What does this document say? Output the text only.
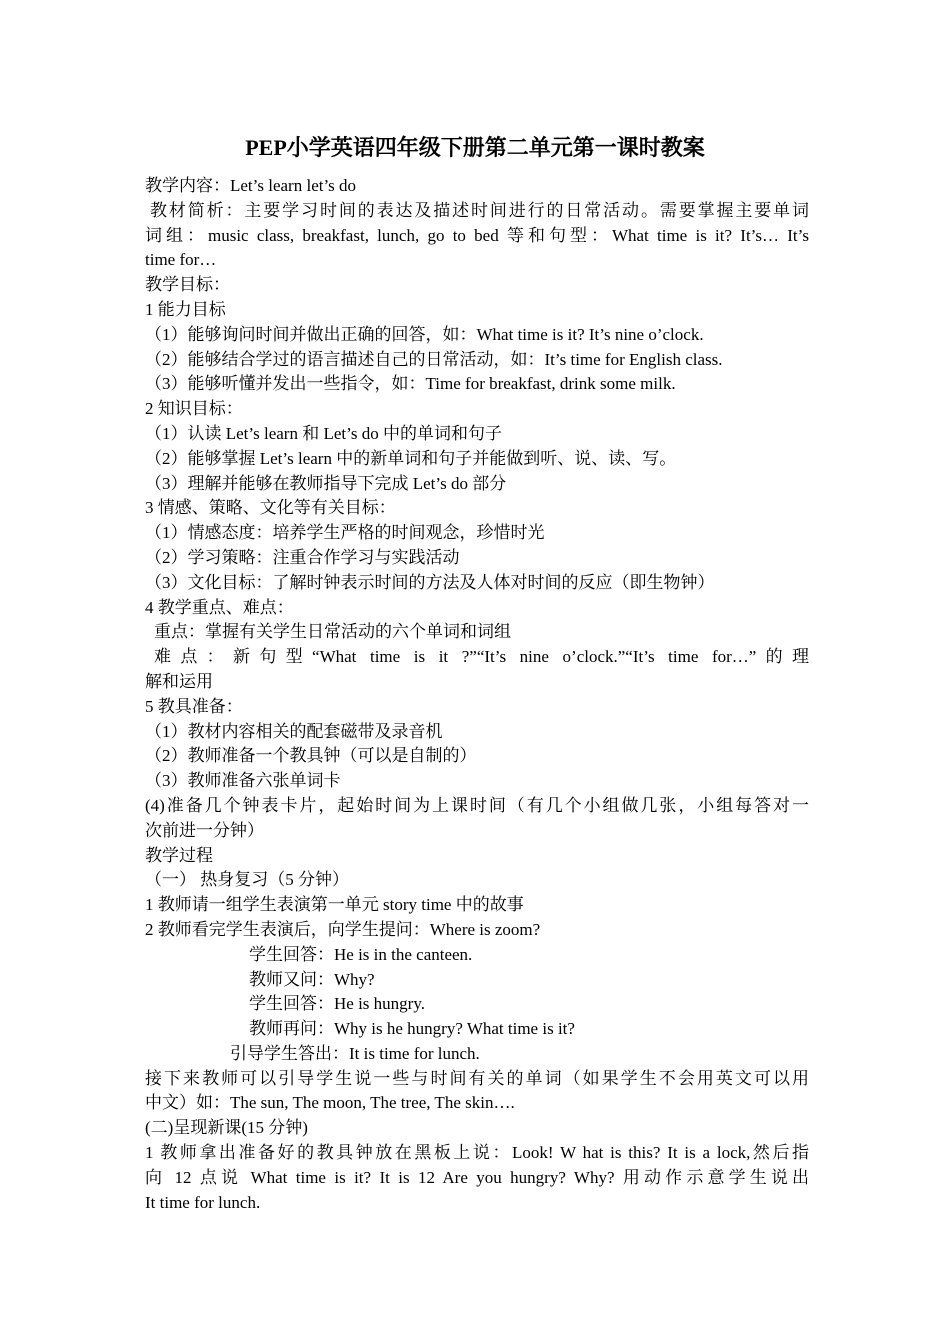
PEP小学英语四年级下册第二单元第一课时教案
教学内容：Let’s learn let’s do
教材简析：主要学习时间的表达及描述时间进行的日常活动。需要掌握主要单词
词组：music class, breakfast, lunch, go to bed 等和句型：What time is it? It’s… It’s
time for…
教学目标：
1 能力目标
（1）能够询问时间并做出正确的回答，如：What time is it? It’s nine o’clock.
（2）能够结合学过的语言描述自己的日常活动，如：It’s time for English class.
（3）能够听懂并发出一些指令，如：Time for breakfast, drink some milk.
2 知识目标：
（1）认读 Let’s learn 和 Let’s do 中的单词和句子
（2）能够掌握 Let’s learn 中的新单词和句子并能做到听、说、读、写。
（3）理解并能够在教师指导下完成 Let’s do 部分
3 情感、策略、文化等有关目标：
（1）情感态度：培养学生严格的时间观念，珍惜时光
（2）学习策略：注重合作学习与实践活动
（3）文化目标：了解时钟表示时间的方法及人体对时间的反应（即生物钟）
4 教学重点、难点：
重点：掌握有关学生日常活动的六个单词和词组
难点：新句型“What time is it ?”“It’s nine o’clock.”“It’s time for…”的理
解和运用
5 教具准备：
（1）教材内容相关的配套磁带及录音机
（2）教师准备一个教具钟（可以是自制的）
（3）教师准备六张单词卡
(4)准备几个钟表卡片，起始时间为上课时间（有几个小组做几张，小组每答对一
次前进一分钟）
教学过程
（一） 热身复习（5 分钟）
1 教师请一组学生表演第一单元 story time 中的故事
2 教师看完学生表演后，向学生提问：Where is zoom?
学生回答：He is in the canteen.
教师又问：Why?
学生回答：He is hungry.
教师再问：Why is he hungry? What time is it?
引导学生答出：It is time for lunch.
接下来教师可以引导学生说一些与时间有关的单词（如果学生不会用英文可以用
中文）如：The sun, The moon, The tree, The skin….
(二)呈现新课(15 分钟)
1 教师拿出准备好的教具钟放在黑板上说：Look! W hat is this? It is a lock,然后指
向 12 点说 What time is it? It is 12 Are you hungry? Why? 用动作示意学生说出
It time for lunch.
